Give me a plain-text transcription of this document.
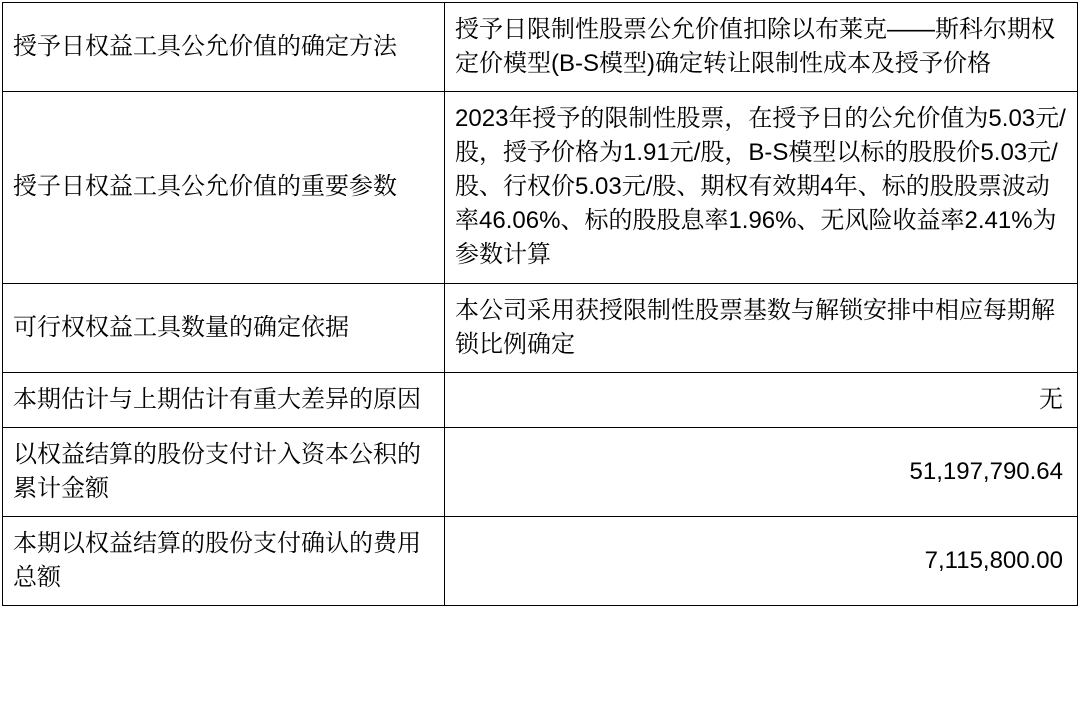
授予日权益工具公允价值的确定方法	授予日限制性股票公允价值扣除以布莱克——斯科尔期权定价模型(B-S模型)确定转让限制性成本及授予价格
授子日权益工具公允价值的重要参数	2023年授予的限制性股票，在授予日的公允价值为5.03元/股，授予价格为1.91元/股，B-S模型以标的股股价5.03元/股、行权价5.03元/股、期权有效期4年、标的股股票波动率46.06%、标的股股息率1.96%、无风险收益率2.41%为参数计算
可行权权益工具数量的确定依据	本公司采用获授限制性股票基数与解锁安排中相应每期解锁比例确定
本期估计与上期估计有重大差异的原因	无
以权益结算的股份支付计入资本公积的累计金额	51,197,790.64
本期以权益结算的股份支付确认的费用总额	7,115,800.00
